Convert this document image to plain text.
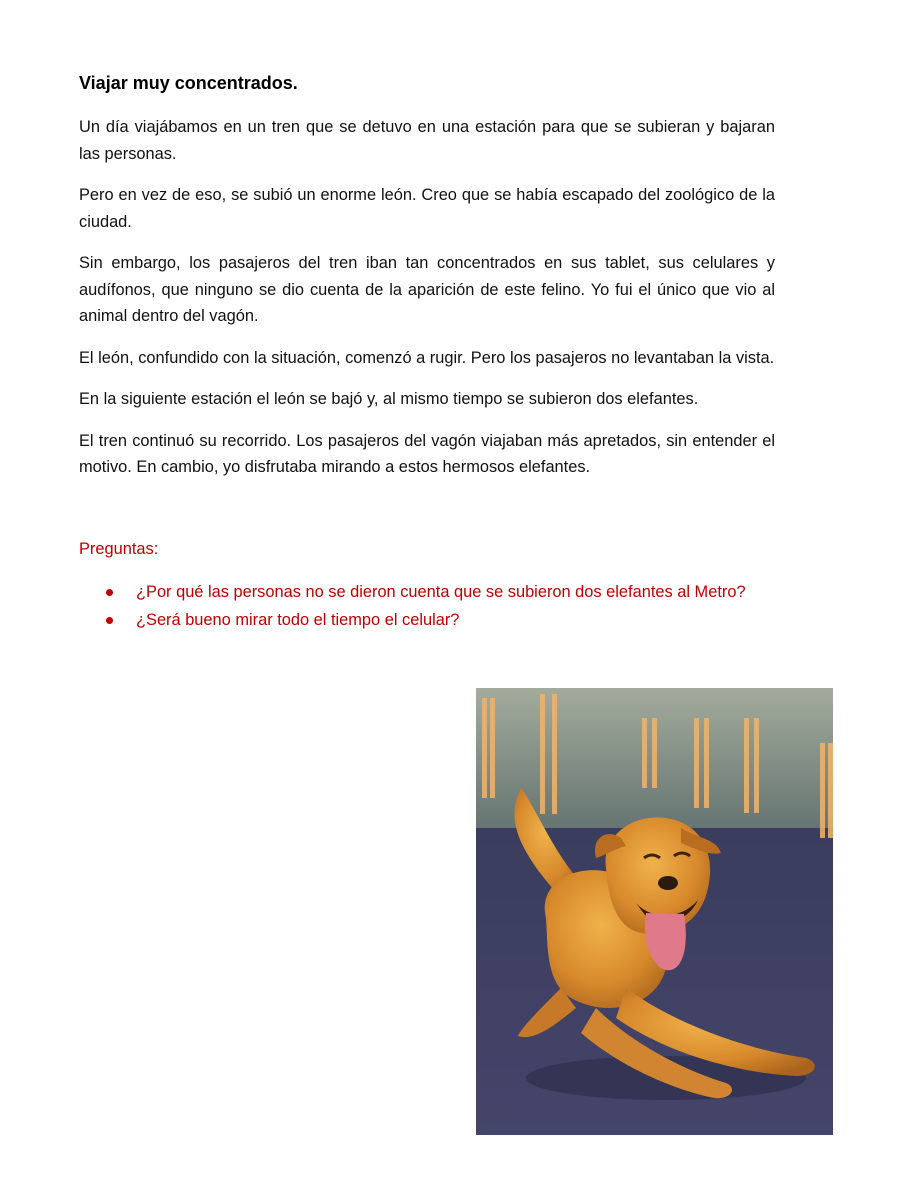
Viajar muy concentrados.

Un día viajábamos en un tren que se detuvo en una estación para que se subieran y bajaran las personas.

Pero en vez de eso, se subió un enorme león. Creo que se había escapado del zoológico de la ciudad.

Sin embargo, los pasajeros del tren iban tan concentrados en sus tablet, sus celulares y audífonos, que ninguno se dio cuenta de la aparición de este felino. Yo fui el único que vio al animal dentro del vagón.

El león, confundido con la situación, comenzó a rugir. Pero los pasajeros no levantaban la vista.

En la siguiente estación el león se bajó y, al mismo tiempo se subieron dos elefantes.

El tren continuó su recorrido. Los pasajeros del vagón viajaban más apretados, sin entender el motivo. En cambio, yo disfrutaba mirando a estos hermosos elefantes.

Preguntas:
¿Por qué las personas no se dieron cuenta que se subieron dos elefantes al Metro?
¿Será bueno mirar todo el tiempo el celular?
